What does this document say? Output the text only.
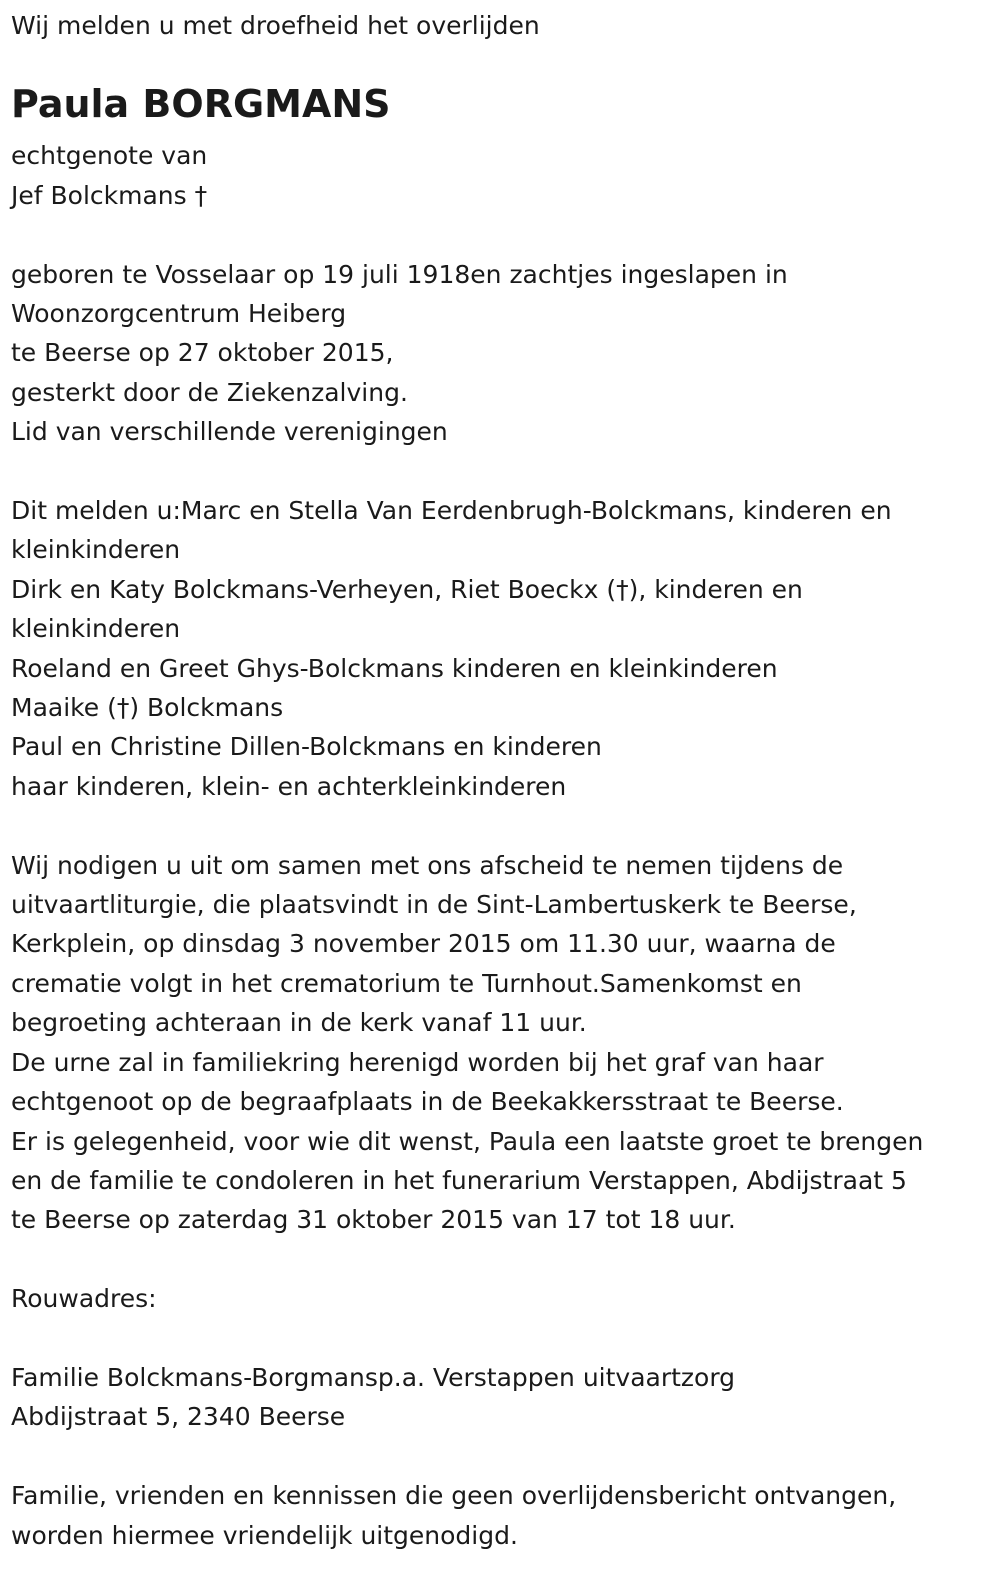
Wij melden u met droefheid het overlijden

Paula BORGMANS

echtgenote van

Jef Bolckmans †

geboren te Vosselaar op 19 juli 1918en zachtjes ingeslapen in

Woonzorgcentrum Heiberg

te Beerse op 27 oktober 2015,

gesterkt door de Ziekenzalving.

Lid van verschillende verenigingen

Dit melden u:Marc en Stella Van Eerdenbrugh-Bolckmans, kinderen en

kleinkinderen

Dirk en Katy Bolckmans-Verheyen, Riet Boeckx (†), kinderen en

kleinkinderen

Roeland en Greet Ghys-Bolckmans kinderen en kleinkinderen

Maaike (†) Bolckmans

Paul en Christine Dillen-Bolckmans en kinderen

haar kinderen, klein- en achterkleinkinderen

Wij nodigen u uit om samen met ons afscheid te nemen tijdens de

uitvaartliturgie, die plaatsvindt in de Sint-Lambertuskerk te Beerse,

Kerkplein, op dinsdag 3 november 2015 om 11.30 uur, waarna de

crematie volgt in het crematorium te Turnhout.Samenkomst en

begroeting achteraan in de kerk vanaf 11 uur.

De urne zal in familiekring herenigd worden bij het graf van haar

echtgenoot op de begraafplaats in de Beekakkersstraat te Beerse.

Er is gelegenheid, voor wie dit wenst, Paula een laatste groet te brengen

en de familie te condoleren in het funerarium Verstappen, Abdijstraat 5

te Beerse op zaterdag 31 oktober 2015 van 17 tot 18 uur.

Rouwadres:

Familie Bolckmans-Borgmansp.a. Verstappen uitvaartzorg

Abdijstraat 5, 2340 Beerse

Familie, vrienden en kennissen die geen overlijdensbericht ontvangen,

worden hiermee vriendelijk uitgenodigd.
